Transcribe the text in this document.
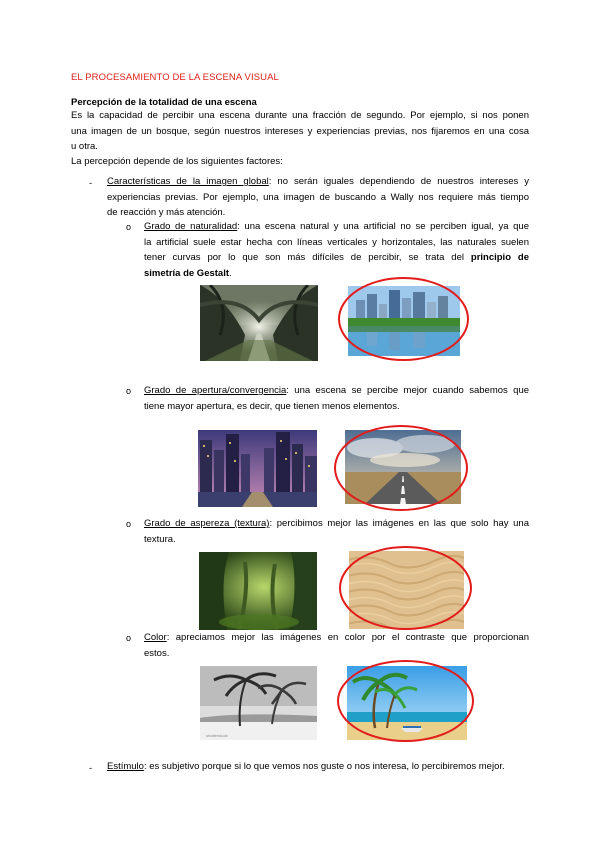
EL PROCESAMIENTO DE LA ESCENA VISUAL
Percepción de la totalidad de una escena
Es la capacidad de percibir una escena durante una fracción de segundo. Por ejemplo, si nos ponen
una imagen de un bosque, según nuestros intereses y experiencias previas, nos fijaremos en una cosa
u otra.
La percepción depende de los siguientes factores:
- Características de la imagen global: no serán iguales dependiendo de nuestros intereses y
experiencias previas. Por ejemplo, una imagen de buscando a Wally nos requiere más tiempo
de reacción y más atención.
o Grado de naturalidad: una escena natural y una artificial no se perciben igual, ya que
la artificial suele estar hecha con líneas verticales y horizontales, las naturales suelen
tener curvas por lo que son más difíciles de percibir, se trata del principio de
simetría de Gestalt.
o Grado de apertura/convergencia: una escena se percibe mejor cuando sabemos que
tiene mayor apertura, es decir, que tienen menos elementos.
o Grado de aspereza (textura): percibimos mejor las imágenes en las que solo hay una
textura.
o Color: apreciamos mejor las imágenes en color por el contraste que proporcionan
estos.
shutterstock
- Estímulo: es subjetivo porque si lo que vemos nos guste o nos interesa, lo percibiremos mejor.
